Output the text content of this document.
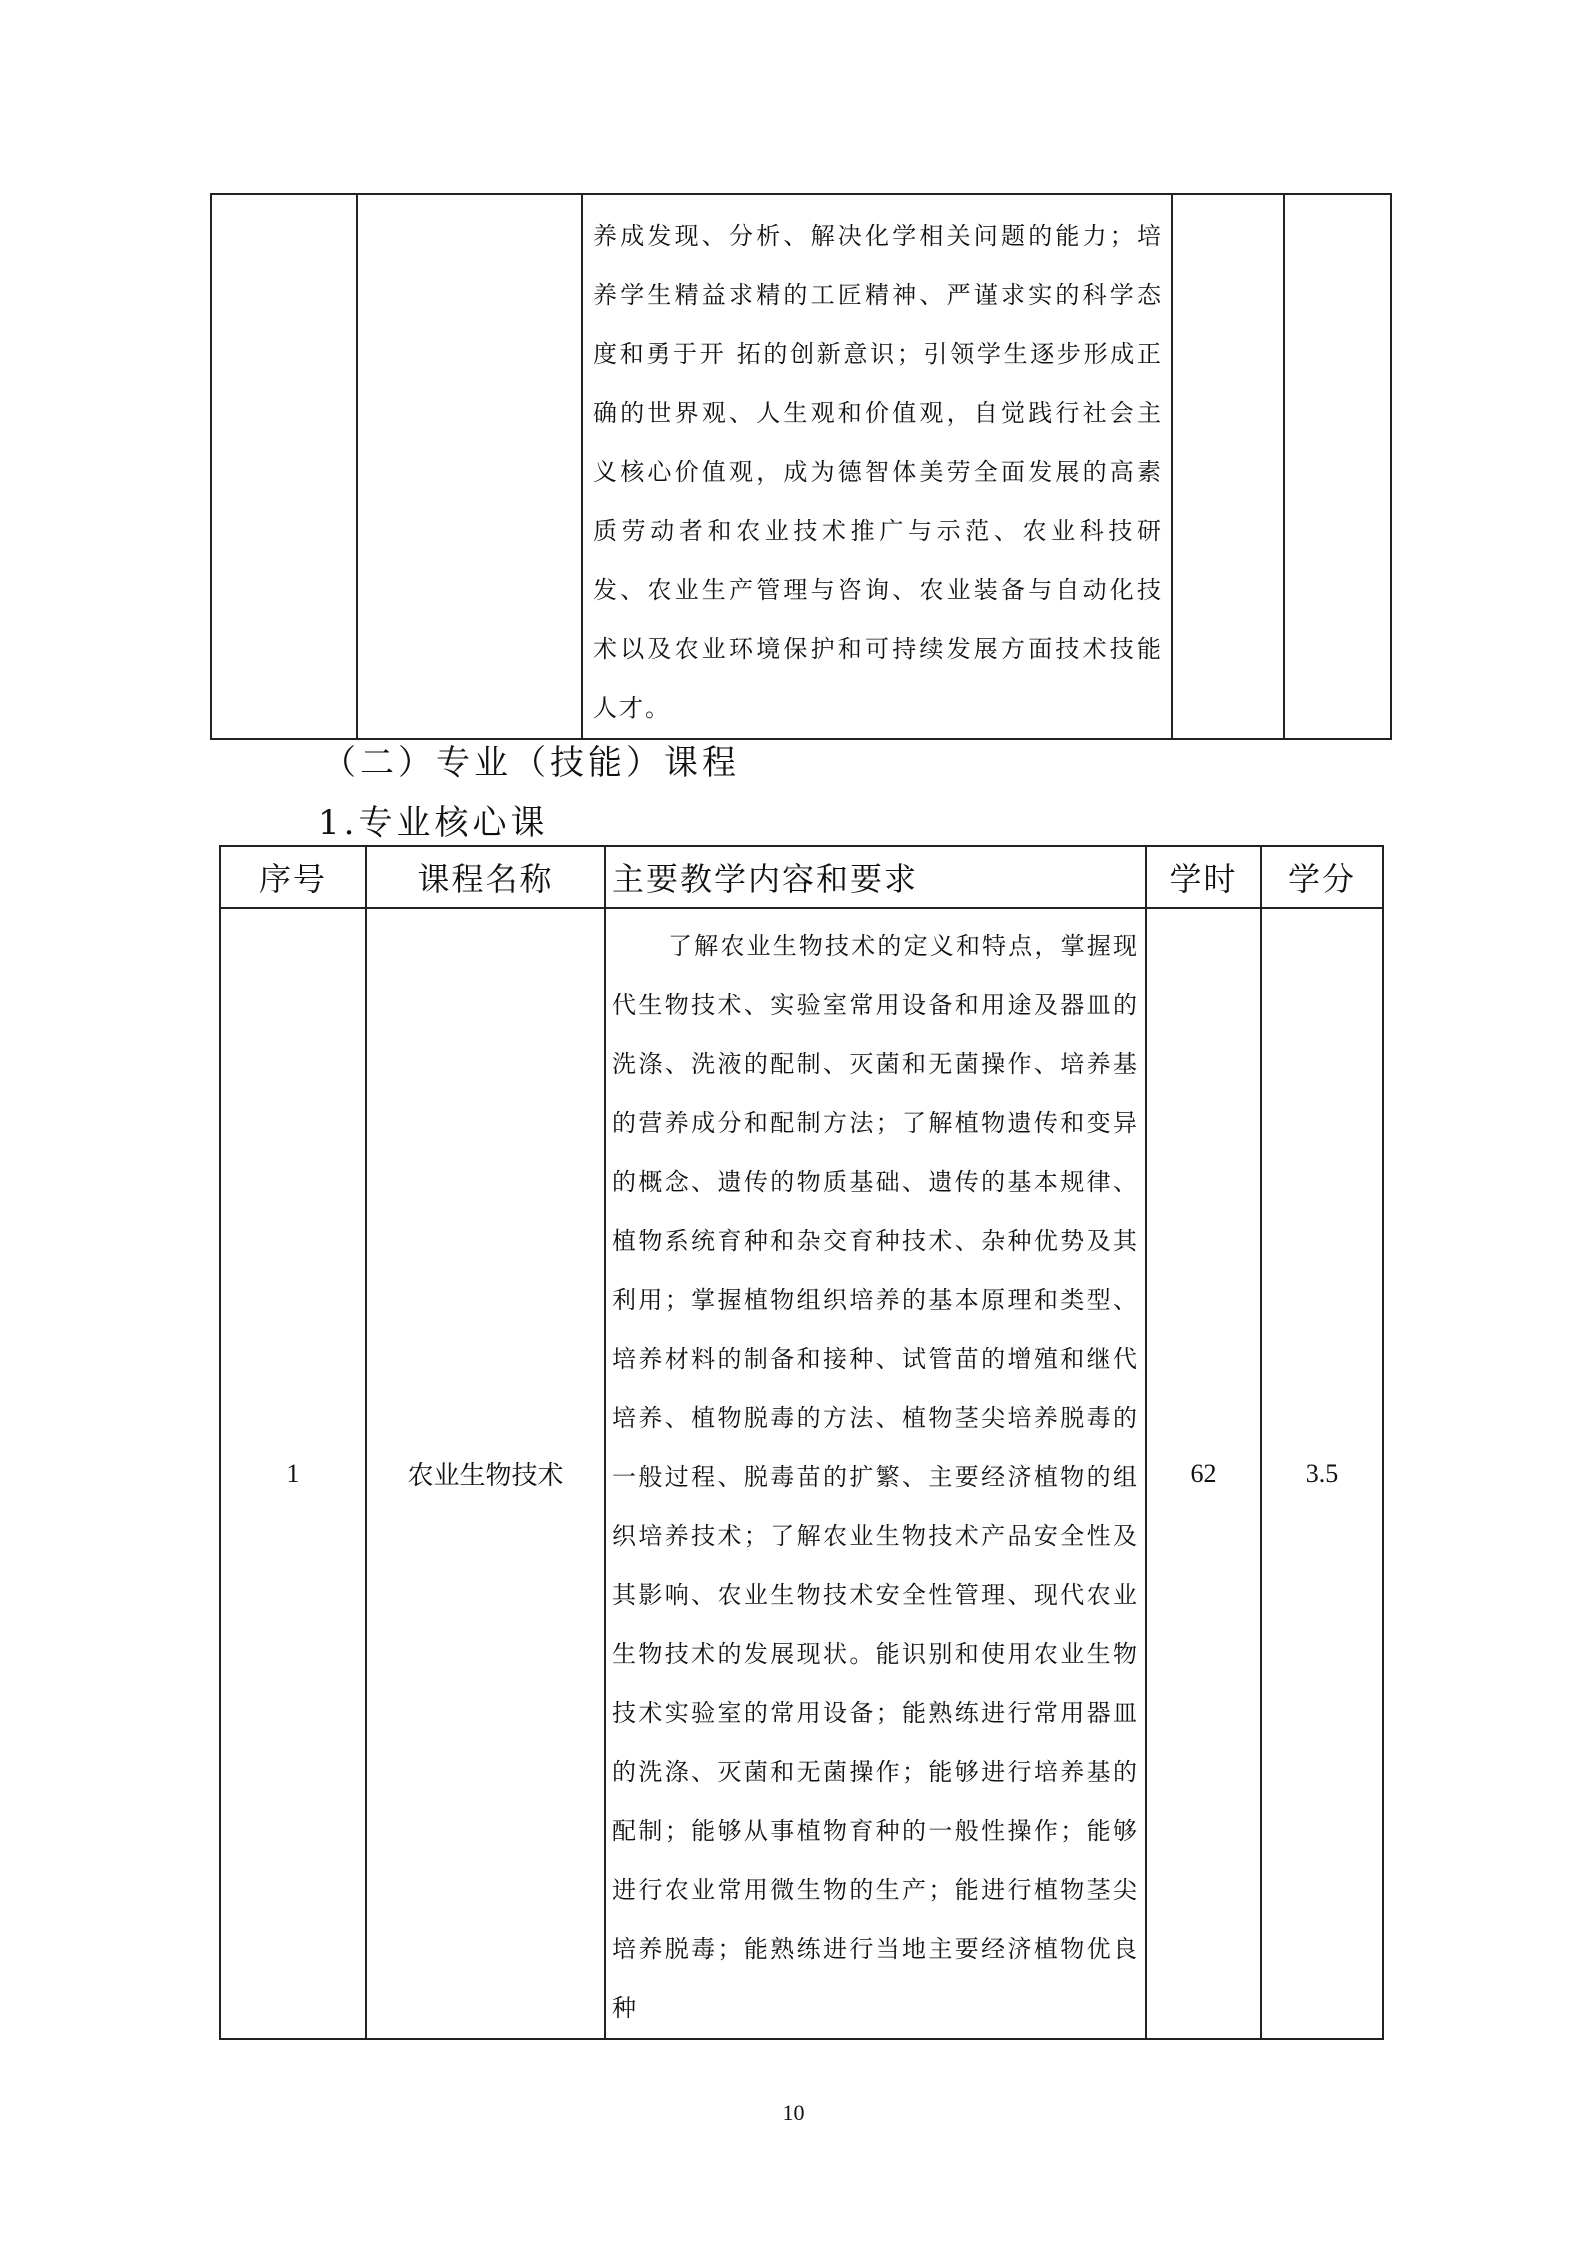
		养成发现、分析、解决化学相关问题的能力；培养学生精益求精的工匠精神、严谨求实的科学态度和勇于开 拓的创新意识；引领学生逐步形成正确的世界观、人生观和价值观，自觉践行社会主义核心价值观，成为德智体美劳全面发展的高素质劳动者和农业技术推广与示范、农业科技研发、农业生产管理与咨询、农业装备与自动化技术以及农业环境保护和可持续发展方面技术技能人才。		
（二）专业（技能）课程
1.专业核心课
序号	课程名称	主要教学内容和要求	学时	学分
1	农业生物技术	了解农业生物技术的定义和特点，掌握现代生物技术、实验室常用设备和用途及器皿的洗涤、洗液的配制、灭菌和无菌操作、培养基的营养成分和配制方法；了解植物遗传和变异的概念、遗传的物质基础、遗传的基本规律、植物系统育种和杂交育种技术、杂种优势及其利用；掌握植物组织培养的基本原理和类型、培养材料的制备和接种、试管苗的增殖和继代培养、植物脱毒的方法、植物茎尖培养脱毒的一般过程、脱毒苗的扩繁、主要经济植物的组织培养技术；了解农业生物技术产品安全性及其影响、农业生物技术安全性管理、现代农业生物技术的发展现状。能识别和使用农业生物技术实验室的常用设备；能熟练进行常用器皿的洗涤、灭菌和无菌操作；能够进行培养基的配制；能够从事植物育种的一般性操作；能够进行农业常用微生物的生产；能进行植物茎尖培养脱毒；能熟练进行当地主要经济植物优良种	62	3.5
10
